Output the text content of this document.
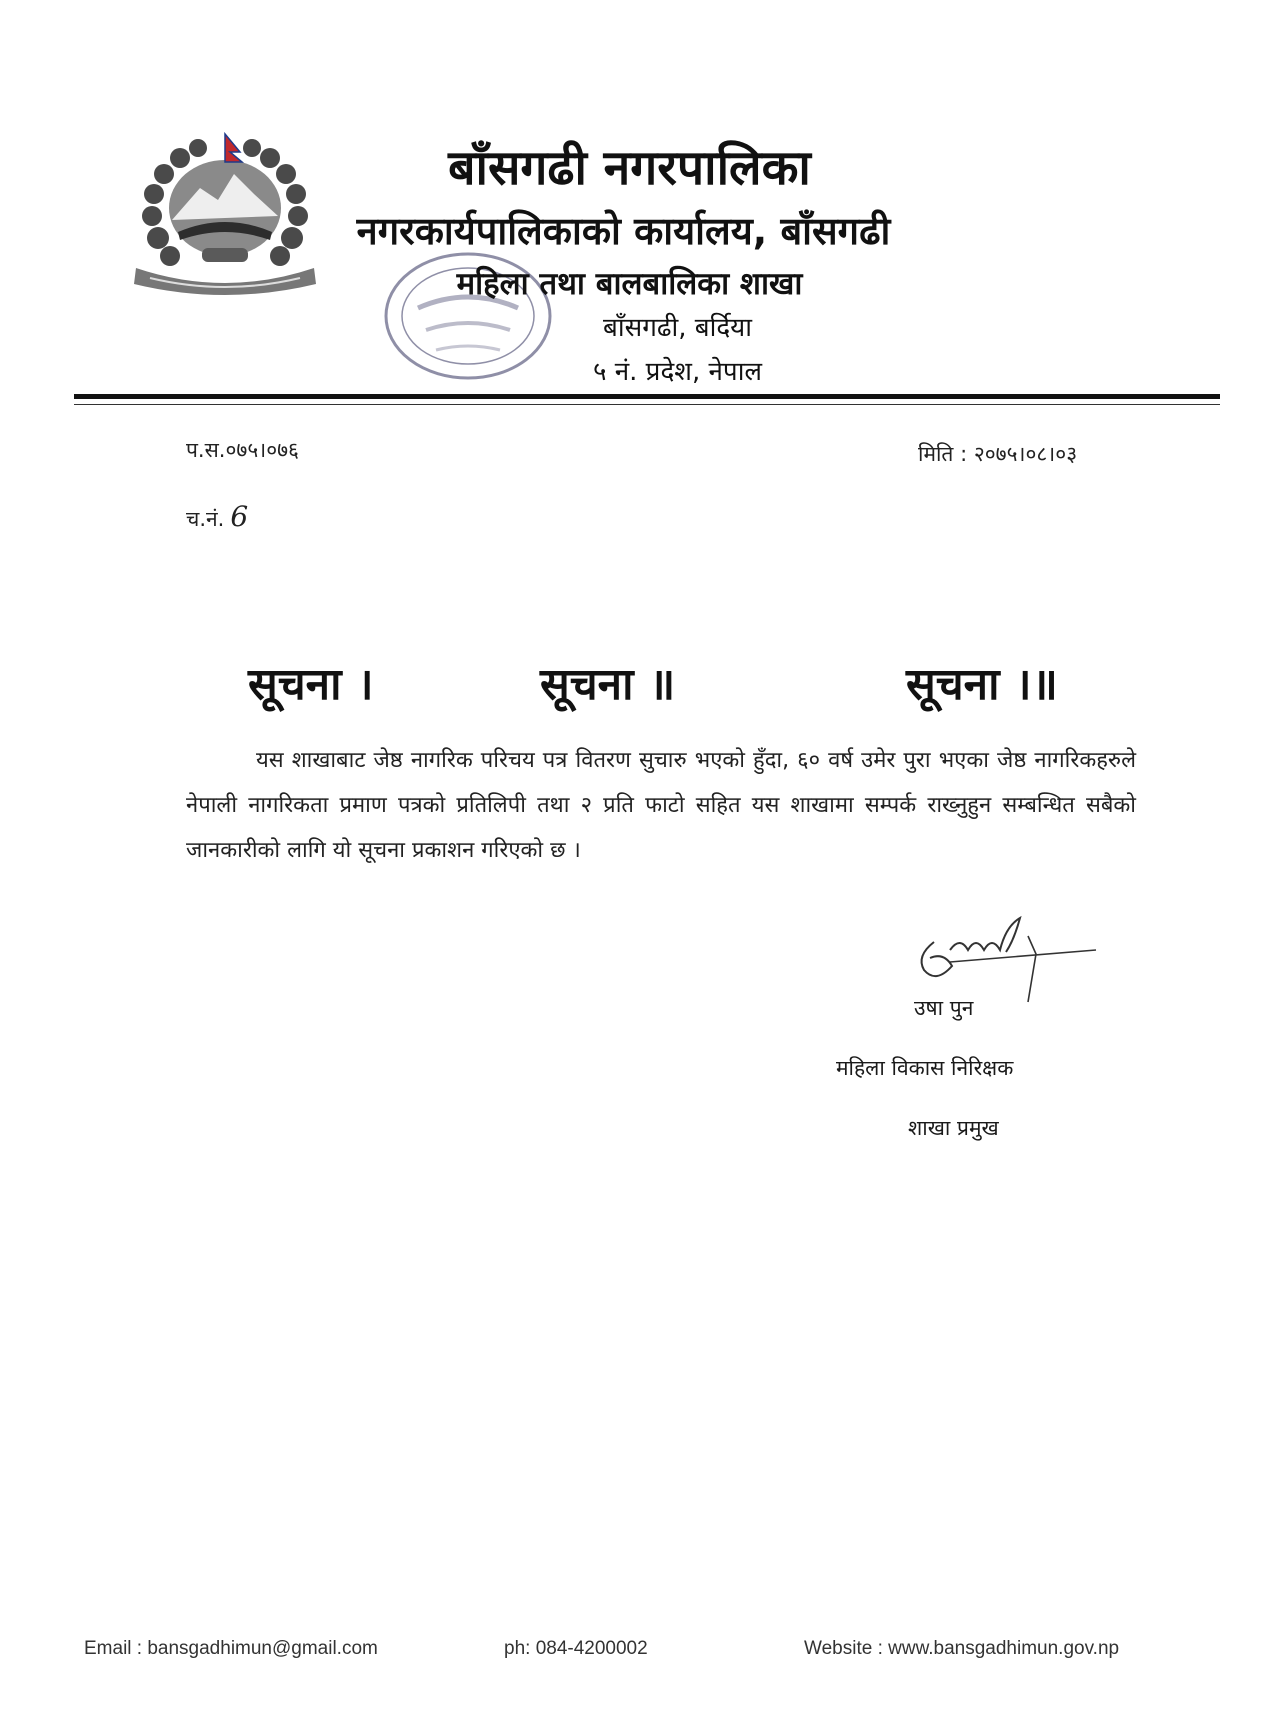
बाँसगढी नगरपालिका
नगरकार्यपालिकाको कार्यालय, बाँसगढी
महिला तथा बालबालिका शाखा
बाँसगढी, बर्दिया
५ नं. प्रदेश, नेपाल
प.स.०७५।०७६	मिति : २०७५।०८।०३
च.नं. 6
सूचना ।	सूचना ॥	सूचना ।॥
यस शाखाबाट जेष्ठ नागरिक परिचय पत्र वितरण सुचारु भएको हुँदा, ६० वर्ष उमेर पुरा भएका जेष्ठ नागरिकहरुले नेपाली नागरिकता प्रमाण पत्रको प्रतिलिपी तथा २ प्रति फाटो सहित यस शाखामा सम्पर्क राख्नुहुन सम्बन्धित सबैको जानकारीको लागि यो सूचना प्रकाशन गरिएको छ ।
उषा पुन
महिला विकास निरिक्षक
शाखा प्रमुख
Email : bansgadhimun@gmail.com	ph: 084-4200002	Website : www.bansgadhimun.gov.np
